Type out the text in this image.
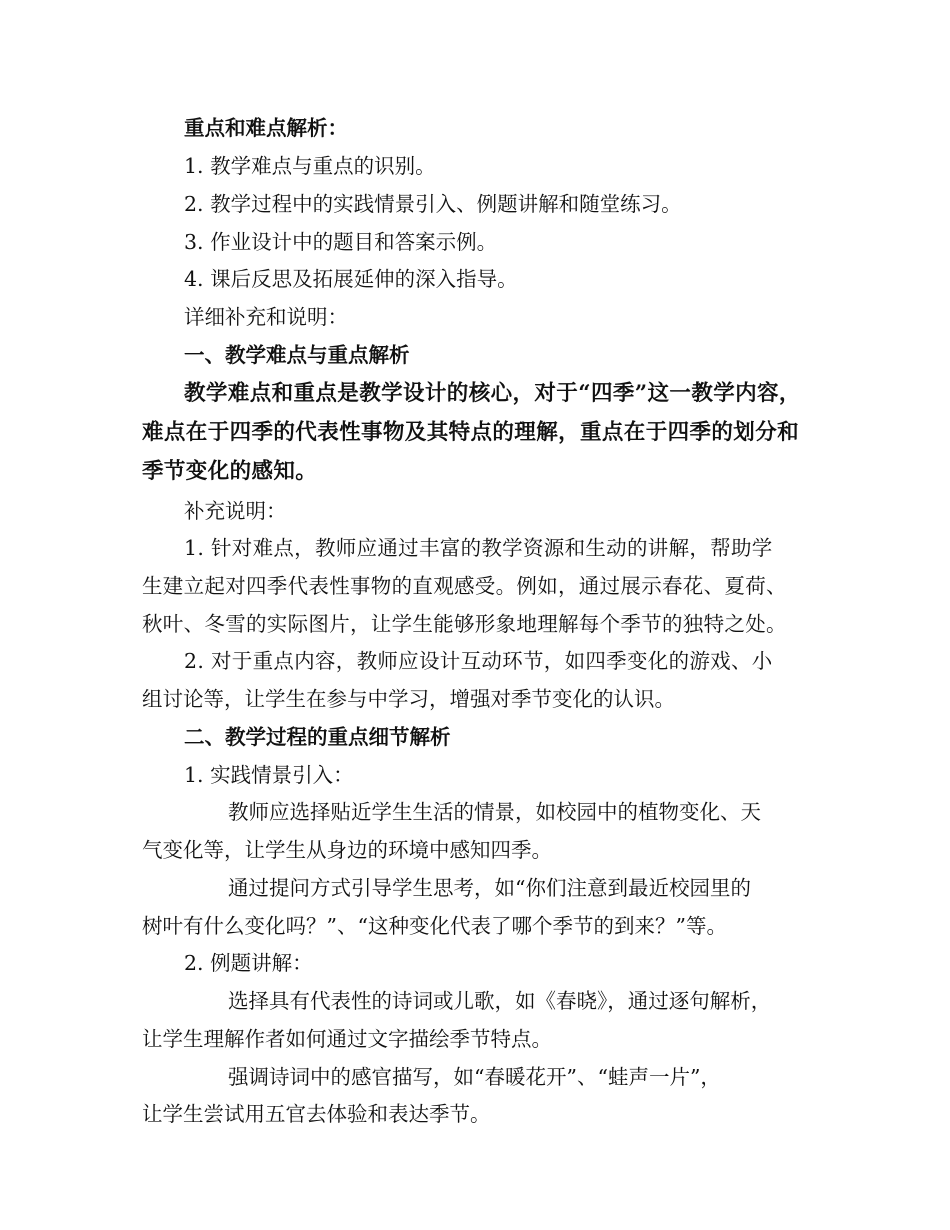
重点和难点解析：
1. 教学难点与重点的识别。
2. 教学过程中的实践情景引入、例题讲解和随堂练习。
3. 作业设计中的题目和答案示例。
4. 课后反思及拓展延伸的深入指导。
详细补充和说明：
一、教学难点与重点解析
教学难点和重点是教学设计的核心，对于“四季”这一教学内容，
难点在于四季的代表性事物及其特点的理解，重点在于四季的划分和
季节变化的感知。
补充说明：
1. 针对难点，教师应通过丰富的教学资源和生动的讲解，帮助学
生建立起对四季代表性事物的直观感受。例如，通过展示春花、夏荷、
秋叶、冬雪的实际图片，让学生能够形象地理解每个季节的独特之处。
2. 对于重点内容，教师应设计互动环节，如四季变化的游戏、小
组讨论等，让学生在参与中学习，增强对季节变化的认识。
二、教学过程的重点细节解析
1. 实践情景引入：
教师应选择贴近学生生活的情景，如校园中的植物变化、天
气变化等，让学生从身边的环境中感知四季。
通过提问方式引导学生思考，如“你们注意到最近校园里的
树叶有什么变化吗？”、“这种变化代表了哪个季节的到来？”等。
2. 例题讲解：
选择具有代表性的诗词或儿歌，如《春晓》，通过逐句解析，
让学生理解作者如何通过文字描绘季节特点。
强调诗词中的感官描写，如“春暖花开”、“蛙声一片”，
让学生尝试用五官去体验和表达季节。
